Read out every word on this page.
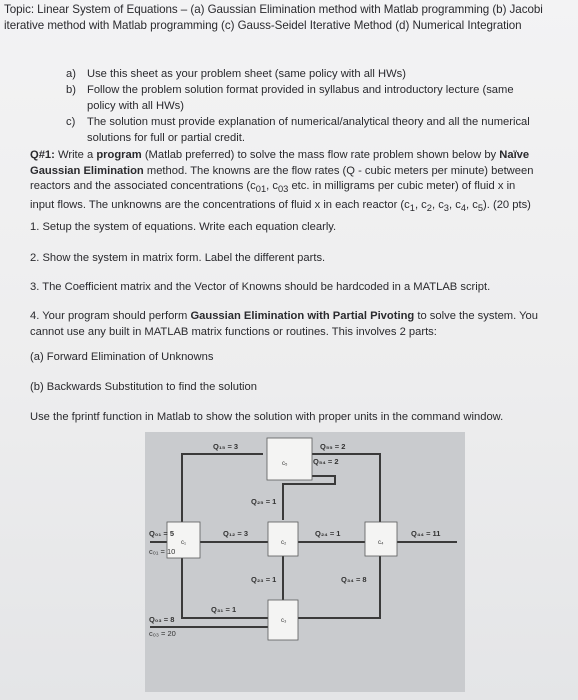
Topic: Linear System of Equations – (a) Gaussian Elimination method with Matlab programming (b) Jacobi iterative method with Matlab programming (c) Gauss-Seidel Iterative Method (d) Numerical Integration
a) Use this sheet as your problem sheet (same policy with all HWs)
b) Follow the problem solution format provided in syllabus and introductory lecture (same policy with all HWs)
c) The solution must provide explanation of numerical/analytical theory and all the numerical solutions for full or partial credit.
Q#1: Write a program (Matlab preferred) to solve the mass flow rate problem shown below by Naïve Gaussian Elimination method. The knowns are the flow rates (Q - cubic meters per minute) between reactors and the associated concentrations ($c_{01}$, $c_{03}$ etc. in milligrams per cubic meter) of fluid x in input flows. The unknowns are the concentrations of fluid x in each reactor ($c_1$, $c_2$, $c_3$, $c_4$, $c_5$). (20 pts)
1. Setup the system of equations. Write each equation clearly.
2. Show the system in matrix form. Label the different parts.
3. The Coefficient matrix and the Vector of Knowns should be hardcoded in a MATLAB script.
4. Your program should perform Gaussian Elimination with Partial Pivoting to solve the system. You cannot use any built in MATLAB matrix functions or routines. This involves 2 parts:
(a) Forward Elimination of Unknowns
(b) Backwards Substitution to find the solution
Use the fprintf function in Matlab to show the solution with proper units in the command window.
c₅
c₁	c₂	c₄
c₃
Q₁₅ = 3	Q₅₅ = 2
Q₅₄ = 2
Q₂₅ = 1
Q₀₁ = 5
c₀₁ = 10
Q₁₂ = 3	Q₂₄ = 1	Q₄₄ = 11
Q₂₃ = 1	Q₃₄ = 8
Q₃₁ = 1
Q₀₃ = 8
c₀₃ = 20
